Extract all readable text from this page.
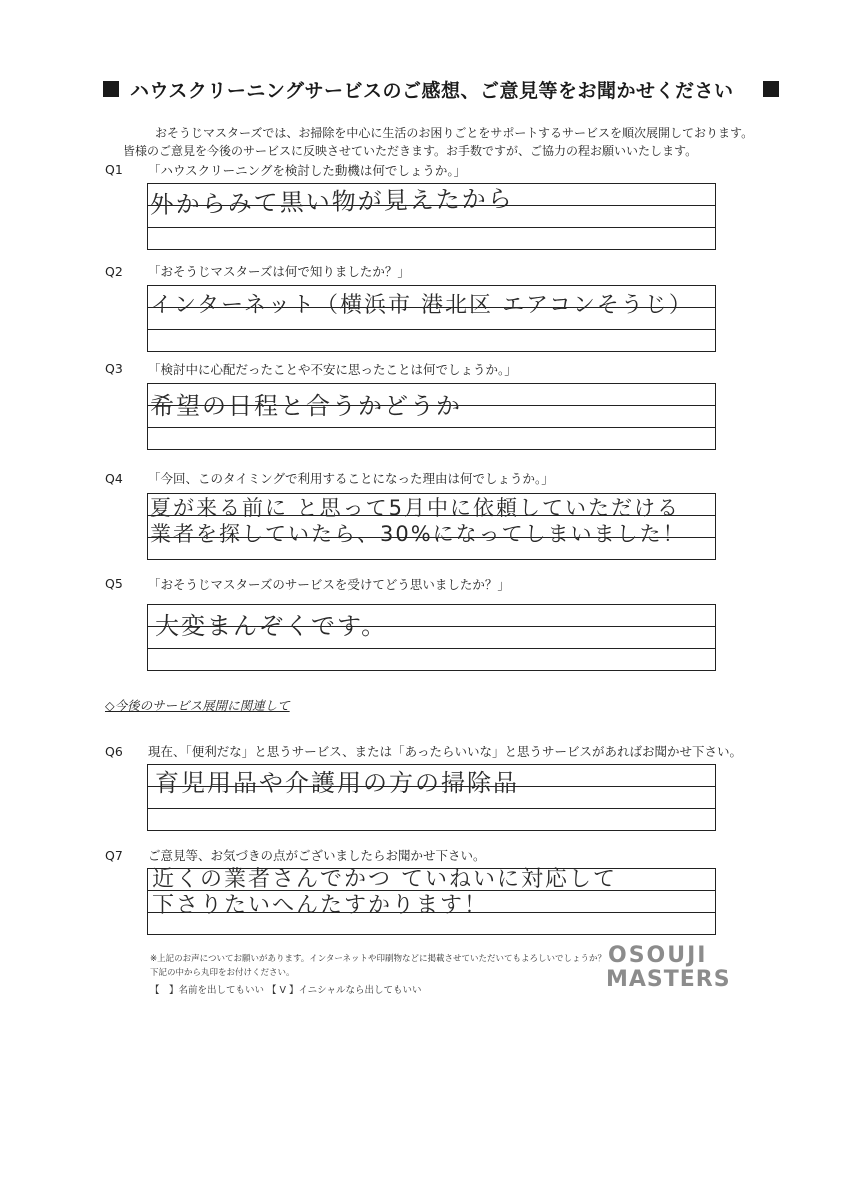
ハウスクリーニングサービスのご感想、ご意見等をお聞かせください
おそうじマスターズでは、お掃除を中心に生活のお困りごとをサポートするサービスを順次展開しております。
皆様のご意見を今後のサービスに反映させていただきます。お手数ですが、ご協力の程お願いいたします。
Q1 「ハウスクリーニングを検討した動機は何でしょうか。」
外からみて黒い物が見えたから
Q2 「おそうじマスターズは何で知りましたか？」
インターネット（横浜市 港北区 エアコンそうじ）
Q3 「検討中に心配だったことや不安に思ったことは何でしょうか。」
希望の日程と合うかどうか
Q4 「今回、このタイミングで利用することになった理由は何でしょうか。」
夏が来る前に と思って5月中に依頼していただける
業者を探していたら、30%になってしまいました！
Q5 「おそうじマスターズのサービスを受けてどう思いましたか？」
大変まんぞくです。
◇今後のサービス展開に関連して
Q6 現在、「便利だな」と思うサービス、または「あったらいいな」と思うサービスがあればお聞かせ下さい。
育児用品や介護用の方の掃除品
Q7 ご意見等、お気づきの点がございましたらお聞かせ下さい。
近くの業者さんでかつ ていねいに対応して
下さりたいへんたすかります！
※上記のお声についてお願いがあります。インターネットや印刷物などに掲載させていただいてもよろしいでしょうか？
下記の中から丸印をお付けください。
【　】名前を出してもいい 【 V 】イニシャルなら出してもいい
OSOUJI
MASTERS
